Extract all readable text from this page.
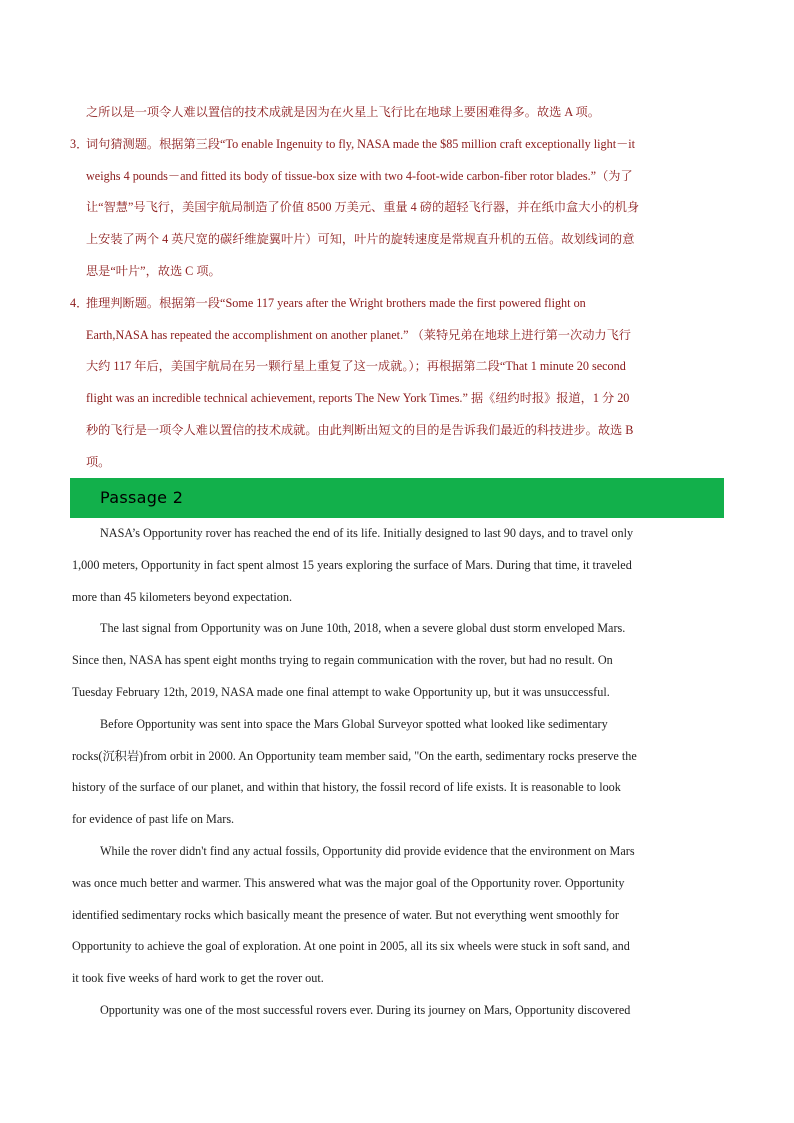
之所以是一项令人难以置信的技术成就是因为在火星上飞行比在地球上要困难得多。故选 A 项。
3．词句猜测题。根据第三段“To enable Ingenuity to fly, NASA made the $85 million craft exceptionally light－it
weighs 4 pounds－and fitted its body of tissue-box size with two 4-foot-wide carbon-fiber rotor blades.”（为了
让“智慧”号飞行，美国宇航局制造了价值 8500 万美元、重量 4 磅的超轻飞行器，并在纸巾盒大小的机身
上安装了两个 4 英尺宽的碳纤维旋翼叶片）可知，叶片的旋转速度是常规直升机的五倍。故划线词的意
思是“叶片”，故选 C 项。
4．推理判断题。根据第一段“Some 117 years after the Wright brothers made the first powered flight on
Earth,NASA has repeated the accomplishment on another planet.” （莱特兄弟在地球上进行第一次动力飞行
大约 117 年后，美国宇航局在另一颗行星上重复了这一成就。）；再根据第二段“That 1 minute 20 second
flight was an incredible technical achievement, reports The New York Times.” 据《纽约时报》报道，1 分 20
秒的飞行是一项令人难以置信的技术成就。由此判断出短文的目的是告诉我们最近的科技进步。故选 B
项。
Passage 2
NASA’s Opportunity rover has reached the end of its life. Initially designed to last 90 days, and to travel only
1,000 meters, Opportunity in fact spent almost 15 years exploring the surface of Mars. During that time, it traveled
more than 45 kilometers beyond expectation.
The last signal from Opportunity was on June 10th, 2018, when a severe global dust storm enveloped Mars.
Since then, NASA has spent eight months trying to regain communication with the rover, but had no result. On
Tuesday February 12th, 2019, NASA made one final attempt to wake Opportunity up, but it was unsuccessful.
Before Opportunity was sent into space the Mars Global Surveyor spotted what looked like sedimentary
rocks(沉积岩)from orbit in 2000. An Opportunity team member said, "On the earth, sedimentary rocks preserve the
history of the surface of our planet, and within that history, the fossil record of life exists. It is reasonable to look
for evidence of past life on Mars.
While the rover didn't find any actual fossils, Opportunity did provide evidence that the environment on Mars
was once much better and warmer. This answered what was the major goal of the Opportunity rover. Opportunity
identified sedimentary rocks which basically meant the presence of water. But not everything went smoothly for
Opportunity to achieve the goal of exploration. At one point in 2005, all its six wheels were stuck in soft sand, and
it took five weeks of hard work to get the rover out.
Opportunity was one of the most successful rovers ever. During its journey on Mars, Opportunity discovered
